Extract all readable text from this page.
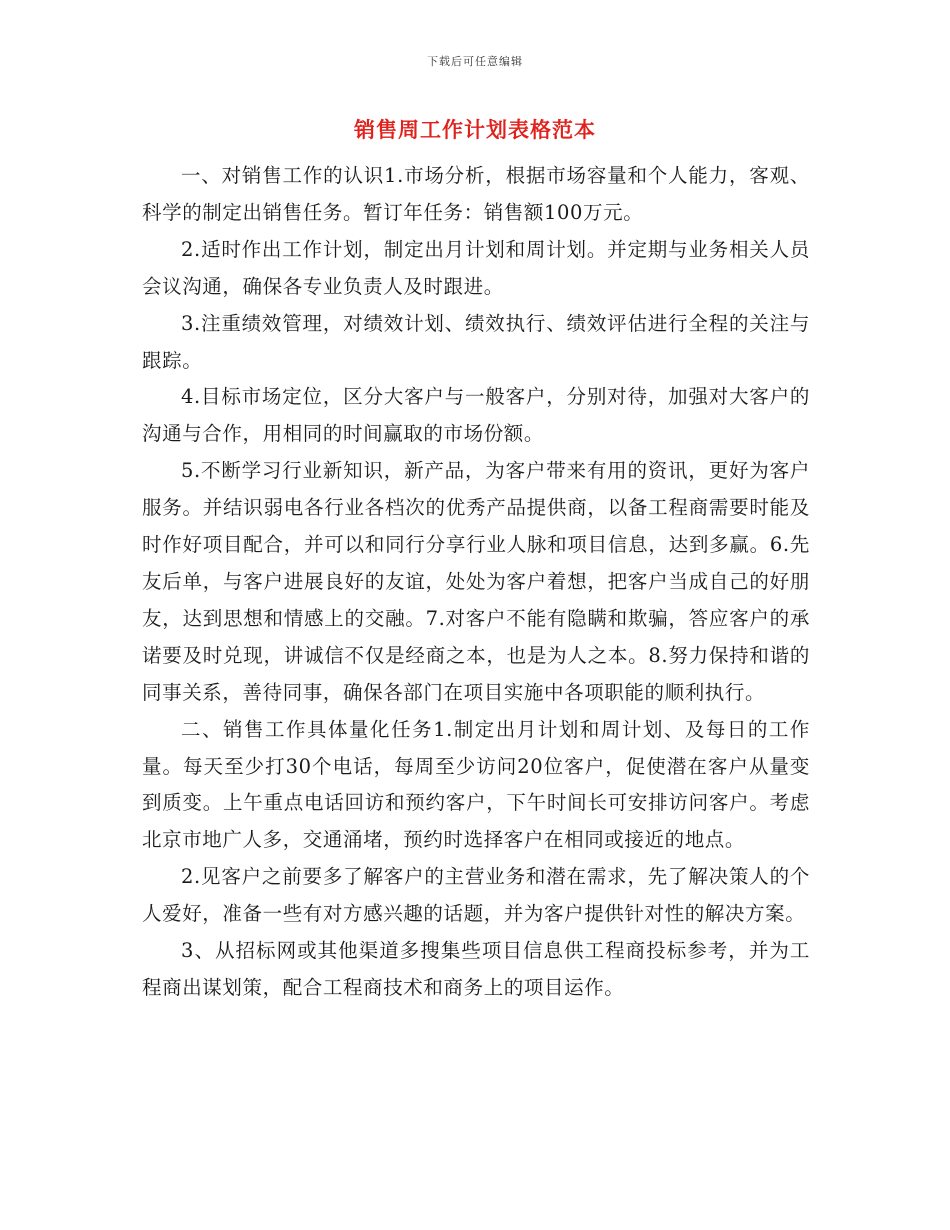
下载后可任意编辑
销售周工作计划表格范本

一、对销售工作的认识1.市场分析，根据市场容量和个人能力，客观、科学的制定出销售任务。暂订年任务：销售额100万元。

2.适时作出工作计划，制定出月计划和周计划。并定期与业务相关人员会议沟通，确保各专业负责人及时跟进。

3.注重绩效管理，对绩效计划、绩效执行、绩效评估进行全程的关注与跟踪。

4.目标市场定位，区分大客户与一般客户，分别对待，加强对大客户的沟通与合作，用相同的时间赢取的市场份额。

5.不断学习行业新知识，新产品，为客户带来有用的资讯，更好为客户服务。并结识弱电各行业各档次的优秀产品提供商，以备工程商需要时能及时作好项目配合，并可以和同行分享行业人脉和项目信息，达到多赢。6.先友后单，与客户进展良好的友谊，处处为客户着想，把客户当成自己的好朋友，达到思想和情感上的交融。7.对客户不能有隐瞒和欺骗，答应客户的承诺要及时兑现，讲诚信不仅是经商之本，也是为人之本。8.努力保持和谐的同事关系，善待同事，确保各部门在项目实施中各项职能的顺利执行。

二、销售工作具体量化任务1.制定出月计划和周计划、及每日的工作量。每天至少打30个电话，每周至少访问20位客户，促使潜在客户从量变到质变。上午重点电话回访和预约客户，下午时间长可安排访问客户。考虑北京市地广人多，交通涌堵，预约时选择客户在相同或接近的地点。

2.见客户之前要多了解客户的主营业务和潜在需求，先了解决策人的个人爱好，准备一些有对方感兴趣的话题，并为客户提供针对性的解决方案。

3、从招标网或其他渠道多搜集些项目信息供工程商投标参考，并为工程商出谋划策，配合工程商技术和商务上的项目运作。
